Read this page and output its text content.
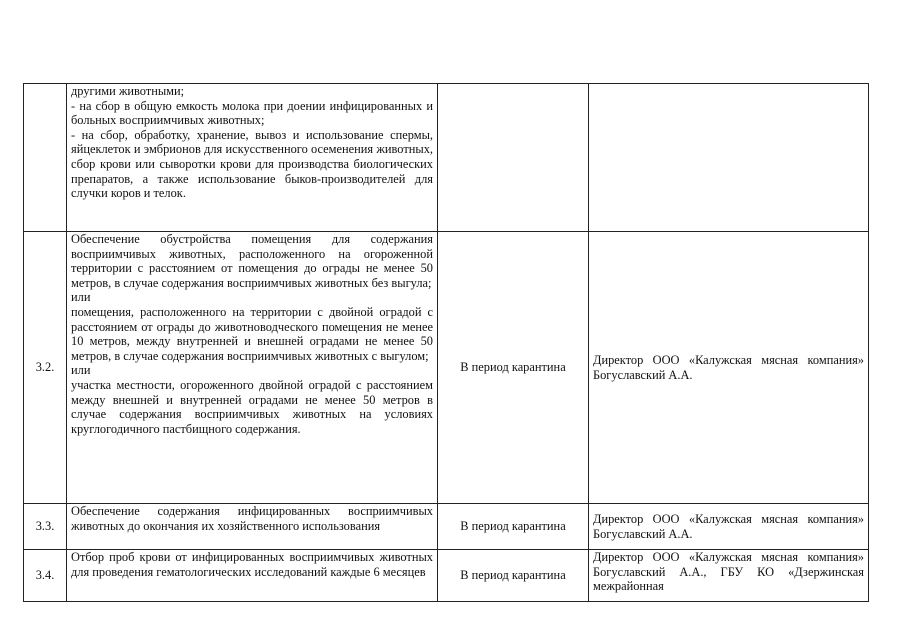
	другими животными;
- на сбор в общую емкость молока при доении инфицированных и больных восприимчивых животных;
- на сбор, обработку, хранение, вывоз и использование спермы, яйцеклеток и эмбрионов для искусственного осеменения животных, сбор крови или сыворотки крови для производства биологических препаратов, а также использование быков-производителей для случки коров и телок.		

3.2.	Обеспечение обустройства помещения для содержания восприимчивых животных, расположенного на огороженной территории с расстоянием от помещения до ограды не менее 50 метров, в случае содержания восприимчивых животных без выгула;
или
помещения, расположенного на территории с двойной оградой с расстоянием от ограды до животноводческого помещения не менее 10 метров, между внутренней и внешней оградами не менее 50 метров, в случае содержания восприимчивых животных с выгулом;
или
участка местности, огороженного двойной оградой с расстоянием между внешней и внутренней оградами не менее 50 метров в случае содержания восприимчивых животных на условиях круглогодичного пастбищного содержания.	В период карантина	Директор ООО «Калужская мясная компания» Богуславский А.А.
3.3.	Обеспечение содержания инфицированных восприимчивых животных до окончания их хозяйственного использования	В период карантина	Директор ООО «Калужская мясная компания» Богуславский А.А.
3.4.	Отбор проб крови от инфицированных восприимчивых животных для проведения гематологических исследований каждые 6 месяцев	В период карантина	Директор ООО «Калужская мясная компания» Богуславский А.А., ГБУ КО «Дзержинская межрайонная
